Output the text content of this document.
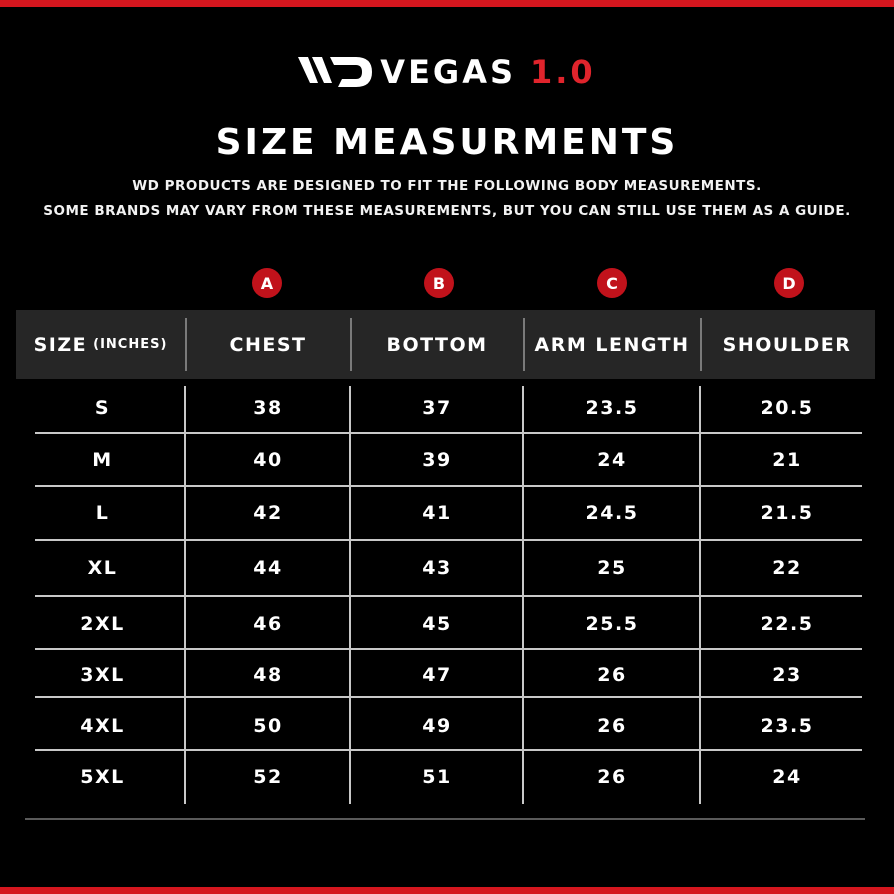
VEGAS 1.0
SIZE MEASURMENTS
WD PRODUCTS ARE DESIGNED TO FIT THE FOLLOWING BODY MEASUREMENTS.
SOME BRANDS MAY VARY FROM THESE MEASUREMENTS, BUT YOU CAN STILL USE THEM AS A GUIDE.
A	B	C	D
SIZE (INCHES)	CHEST	BOTTOM	ARM LENGTH	SHOULDER
S	38	37	23.5	20.5
M	40	39	24	21
L	42	41	24.5	21.5
XL	44	43	25	22
2XL	46	45	25.5	22.5
3XL	48	47	26	23
4XL	50	49	26	23.5
5XL	52	51	26	24
